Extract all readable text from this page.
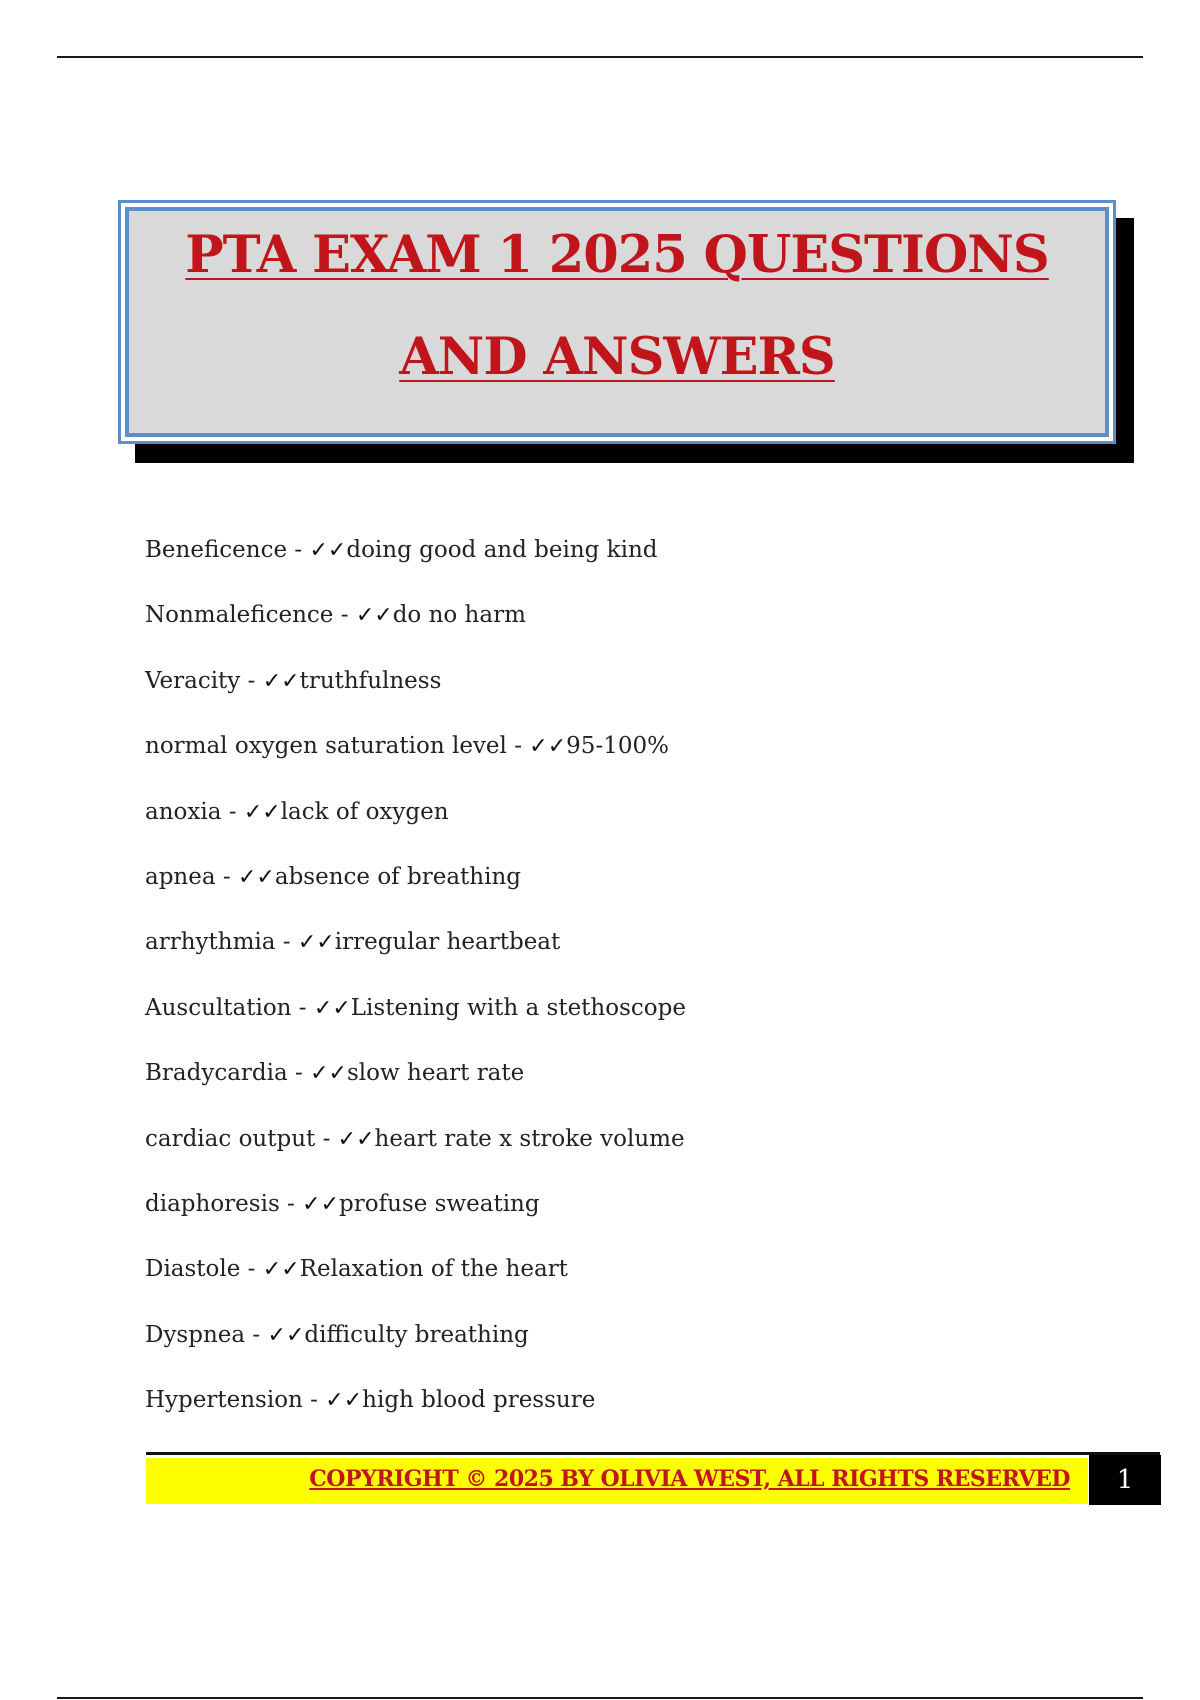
PTA EXAM 1 2025 QUESTIONS
AND ANSWERS
Beneficence - ✓✓doing good and being kind
Nonmaleficence - ✓✓do no harm
Veracity - ✓✓truthfulness
normal oxygen saturation level - ✓✓95-100%
anoxia - ✓✓lack of oxygen
apnea - ✓✓absence of breathing
arrhythmia - ✓✓irregular heartbeat
Auscultation - ✓✓Listening with a stethoscope
Bradycardia - ✓✓slow heart rate
cardiac output - ✓✓heart rate x stroke volume
diaphoresis - ✓✓profuse sweating
Diastole - ✓✓Relaxation of the heart
Dyspnea - ✓✓difficulty breathing
Hypertension - ✓✓high blood pressure
COPYRIGHT © 2025 BY OLIVIA WEST, ALL RIGHTS RESERVED	1
